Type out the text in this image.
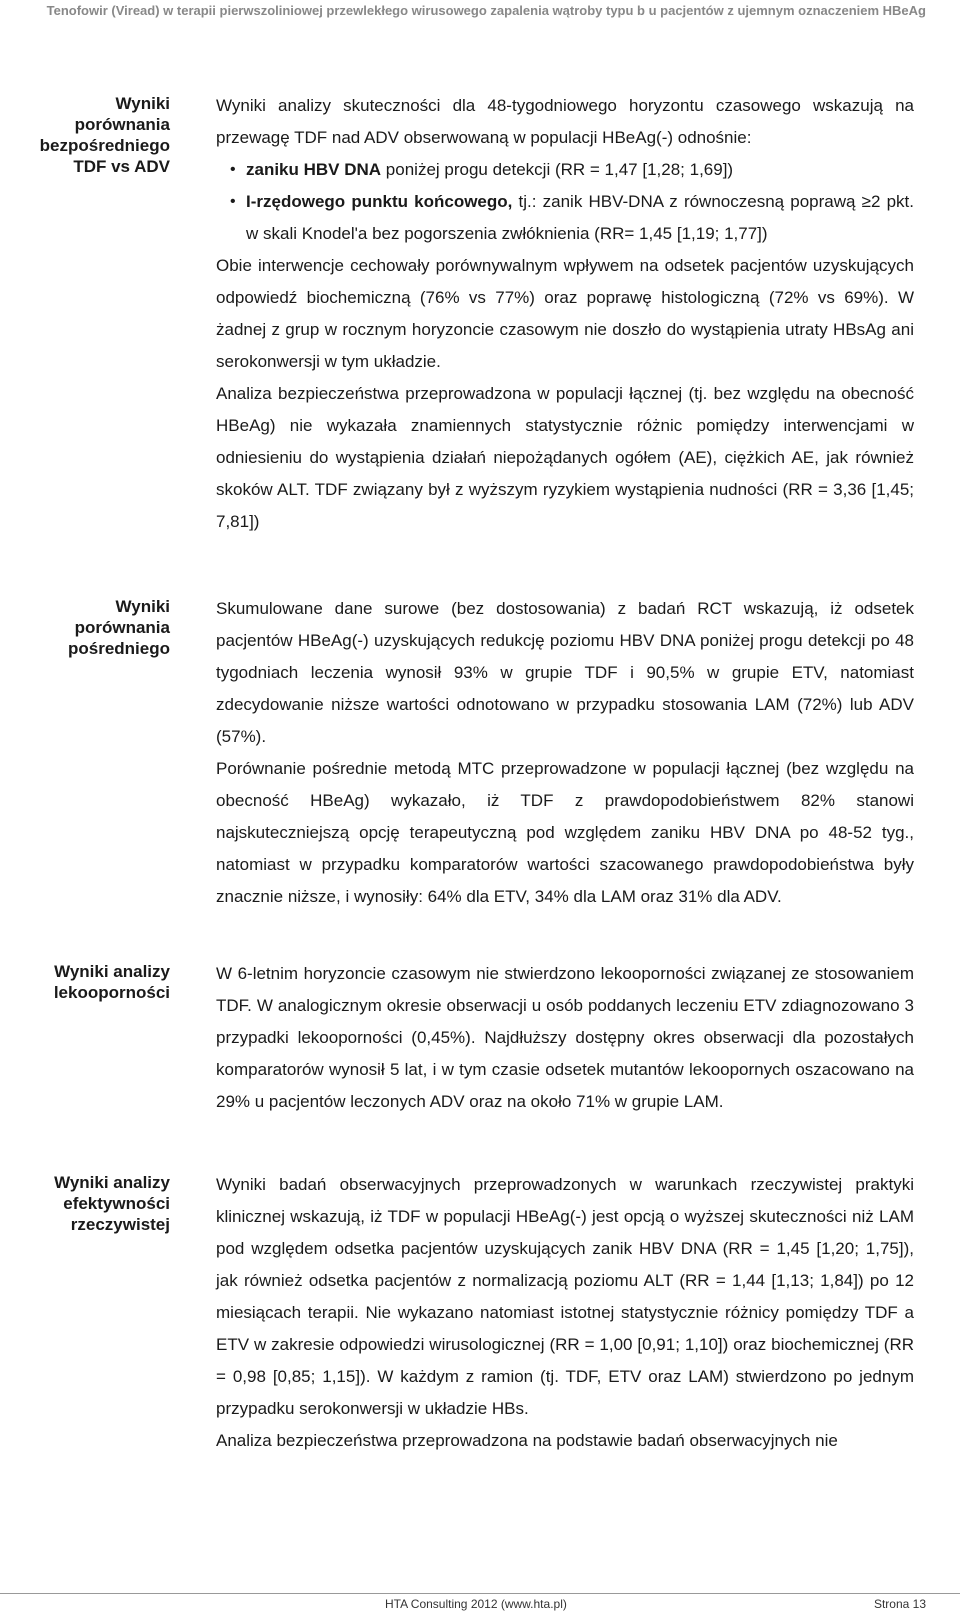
Tenofowir (Viread) w terapii pierwszoliniowej przewlekłego wirusowego zapalenia wątroby typu b u pacjentów z ujemnym oznaczeniem HBeAg
Wyniki
porównania
bezpośredniego
TDF vs ADV

Wyniki analizy skuteczności dla 48-tygodniowego horyzontu czasowego wskazują na przewagę TDF nad ADV obserwowaną w populacji HBeAg(-) odnośnie:

• zaniku HBV DNA poniżej progu detekcji (RR = 1,47 [1,28; 1,69])
• I-rzędowego punktu końcowego, tj.: zanik HBV-DNA z równoczesną poprawą ≥2 pkt. w skali Knodel'a bez pogorszenia zwłóknienia (RR= 1,45 [1,19; 1,77])

Obie interwencje cechowały porównywalnym wpływem na odsetek pacjentów uzyskujących odpowiedź biochemiczną (76% vs 77%) oraz poprawę histologiczną (72% vs 69%). W żadnej z grup w rocznym horyzoncie czasowym nie doszło do wystąpienia utraty HBsAg ani serokonwersji w tym układzie.

Analiza bezpieczeństwa przeprowadzona w populacji łącznej (tj. bez względu na obecność HBeAg) nie wykazała znamiennych statystycznie różnic pomiędzy interwencjami w odniesieniu do wystąpienia działań niepożądanych ogółem (AE), ciężkich AE, jak również skoków ALT. TDF związany był z wyższym ryzykiem wystąpienia nudności (RR = 3,36 [1,45; 7,81])

Wyniki
porównania
pośredniego

Skumulowane dane surowe (bez dostosowania) z badań RCT wskazują, iż odsetek pacjentów HBeAg(-) uzyskujących redukcję poziomu HBV DNA poniżej progu detekcji po 48 tygodniach leczenia wynosił 93% w grupie TDF i 90,5% w grupie ETV, natomiast zdecydowanie niższe wartości odnotowano w przypadku stosowania LAM (72%) lub ADV (57%).

Porównanie pośrednie metodą MTC przeprowadzone w populacji łącznej (bez względu na obecność HBeAg) wykazało, iż TDF z prawdopodobieństwem 82% stanowi najskuteczniejszą opcję terapeutyczną pod względem zaniku HBV DNA po 48-52 tyg., natomiast w przypadku komparatorów wartości szacowanego prawdopodobieństwa były znacznie niższe, i wynosiły: 64% dla ETV, 34% dla LAM oraz 31% dla ADV.

Wyniki analizy
lekooporności

W 6-letnim horyzoncie czasowym nie stwierdzono lekooporności związanej ze stosowaniem TDF. W analogicznym okresie obserwacji u osób poddanych leczeniu ETV zdiagnozowano 3 przypadki lekooporności (0,45%). Najdłuższy dostępny okres obserwacji dla pozostałych komparatorów wynosił 5 lat, i w tym czasie odsetek mutantów lekoopornych oszacowano na 29% u pacjentów leczonych ADV oraz na około 71% w grupie LAM.

Wyniki analizy
efektywności
rzeczywistej

Wyniki badań obserwacyjnych przeprowadzonych w warunkach rzeczywistej praktyki klinicznej wskazują, iż TDF w populacji HBeAg(-) jest opcją o wyższej skuteczności niż LAM pod względem odsetka pacjentów uzyskujących zanik HBV DNA (RR = 1,45 [1,20; 1,75]), jak również odsetka pacjentów z normalizacją poziomu ALT (RR = 1,44 [1,13; 1,84]) po 12 miesiącach terapii. Nie wykazano natomiast istotnej statystycznie różnicy pomiędzy TDF a ETV w zakresie odpowiedzi wirusologicznej (RR = 1,00 [0,91; 1,10]) oraz biochemicznej (RR = 0,98 [0,85; 1,15]). W każdym z ramion (tj. TDF, ETV oraz LAM) stwierdzono po jednym przypadku serokonwersji w układzie HBs.

Analiza bezpieczeństwa przeprowadzona na podstawie badań obserwacyjnych nie

HTA Consulting 2012 (www.hta.pl)	Strona 13
